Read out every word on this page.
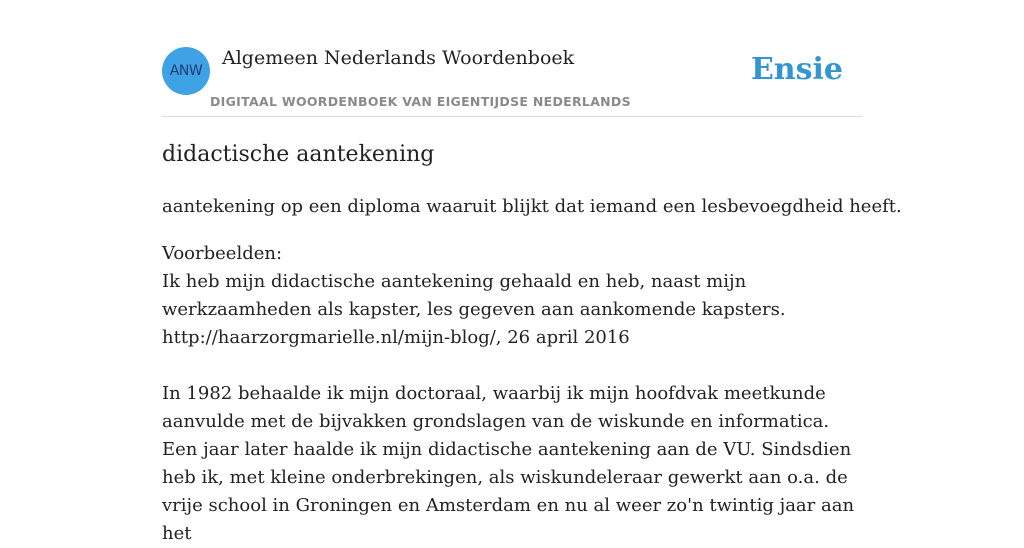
ANW
Algemeen Nederlands Woordenboek
DIGITAAL WOORDENBOEK VAN EIGENTIJDSE NEDERLANDS
Ensie
didactische aantekening

aantekening op een diploma waaruit blijkt dat iemand een lesbevoegdheid heeft.

Voorbeelden:
Ik heb mijn didactische aantekening gehaald en heb, naast mijn werkzaamheden als kapster, les gegeven aan aankomende kapsters.
http://haarzorgmarielle.nl/mijn-blog/, 26 april 2016
In 1982 behaalde ik mijn doctoraal, waarbij ik mijn hoofdvak meetkunde aanvulde met de bijvakken grondslagen van de wiskunde en informatica. Een jaar later haalde ik mijn didactische aantekening aan de VU. Sindsdien heb ik, met kleine onderbrekingen, als wiskundeleraar gewerkt aan o.a. de vrije school in Groningen en Amsterdam en nu al weer zo'n twintig jaar aan het
